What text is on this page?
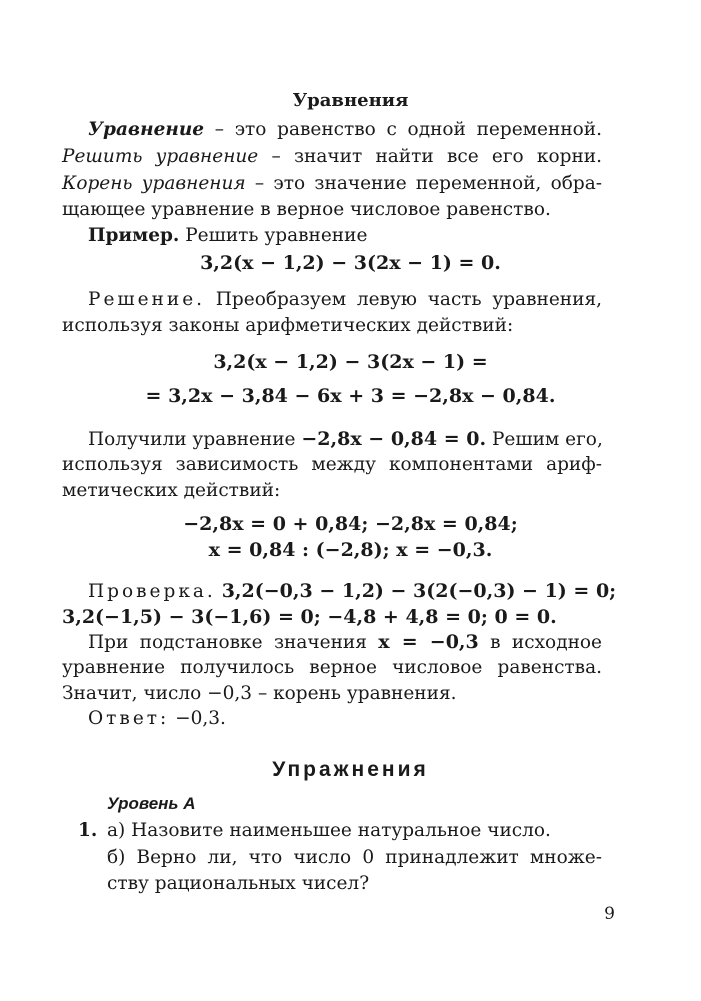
Уравнения
Уравнение – это равенство с одной переменной.
Решить уравнение – значит найти все его корни.
Корень уравнения – это значение переменной, обра-
щающее уравнение в верное числовое равенство.
Пример. Решить уравнение
3,2(x − 1,2) − 3(2x − 1) = 0.
Решение. Преобразуем левую часть уравнения,
используя законы арифметических действий:
3,2(x − 1,2) − 3(2x − 1) =
= 3,2x − 3,84 − 6x + 3 = −2,8x − 0,84.
Получили уравнение −2,8x − 0,84 = 0. Решим его,
используя зависимость между компонентами ариф-
метических действий:
−2,8x = 0 + 0,84; −2,8x = 0,84;
x = 0,84 : (−2,8); x = −0,3.
Проверка. 3,2(−0,3 − 1,2) − 3(2(−0,3) − 1) = 0;
3,2(−1,5) − 3(−1,6) = 0; −4,8 + 4,8 = 0; 0 = 0.
При подстановке значения x = −0,3 в исходное
уравнение получилось верное числовое равенства.
Значит, число −0,3 – корень уравнения.
Ответ: −0,3.
Упражнения
Уровень А
1. а) Назовите наименьшее натуральное число.
б) Верно ли, что число 0 принадлежит множе-
ству рациональных чисел?
9
